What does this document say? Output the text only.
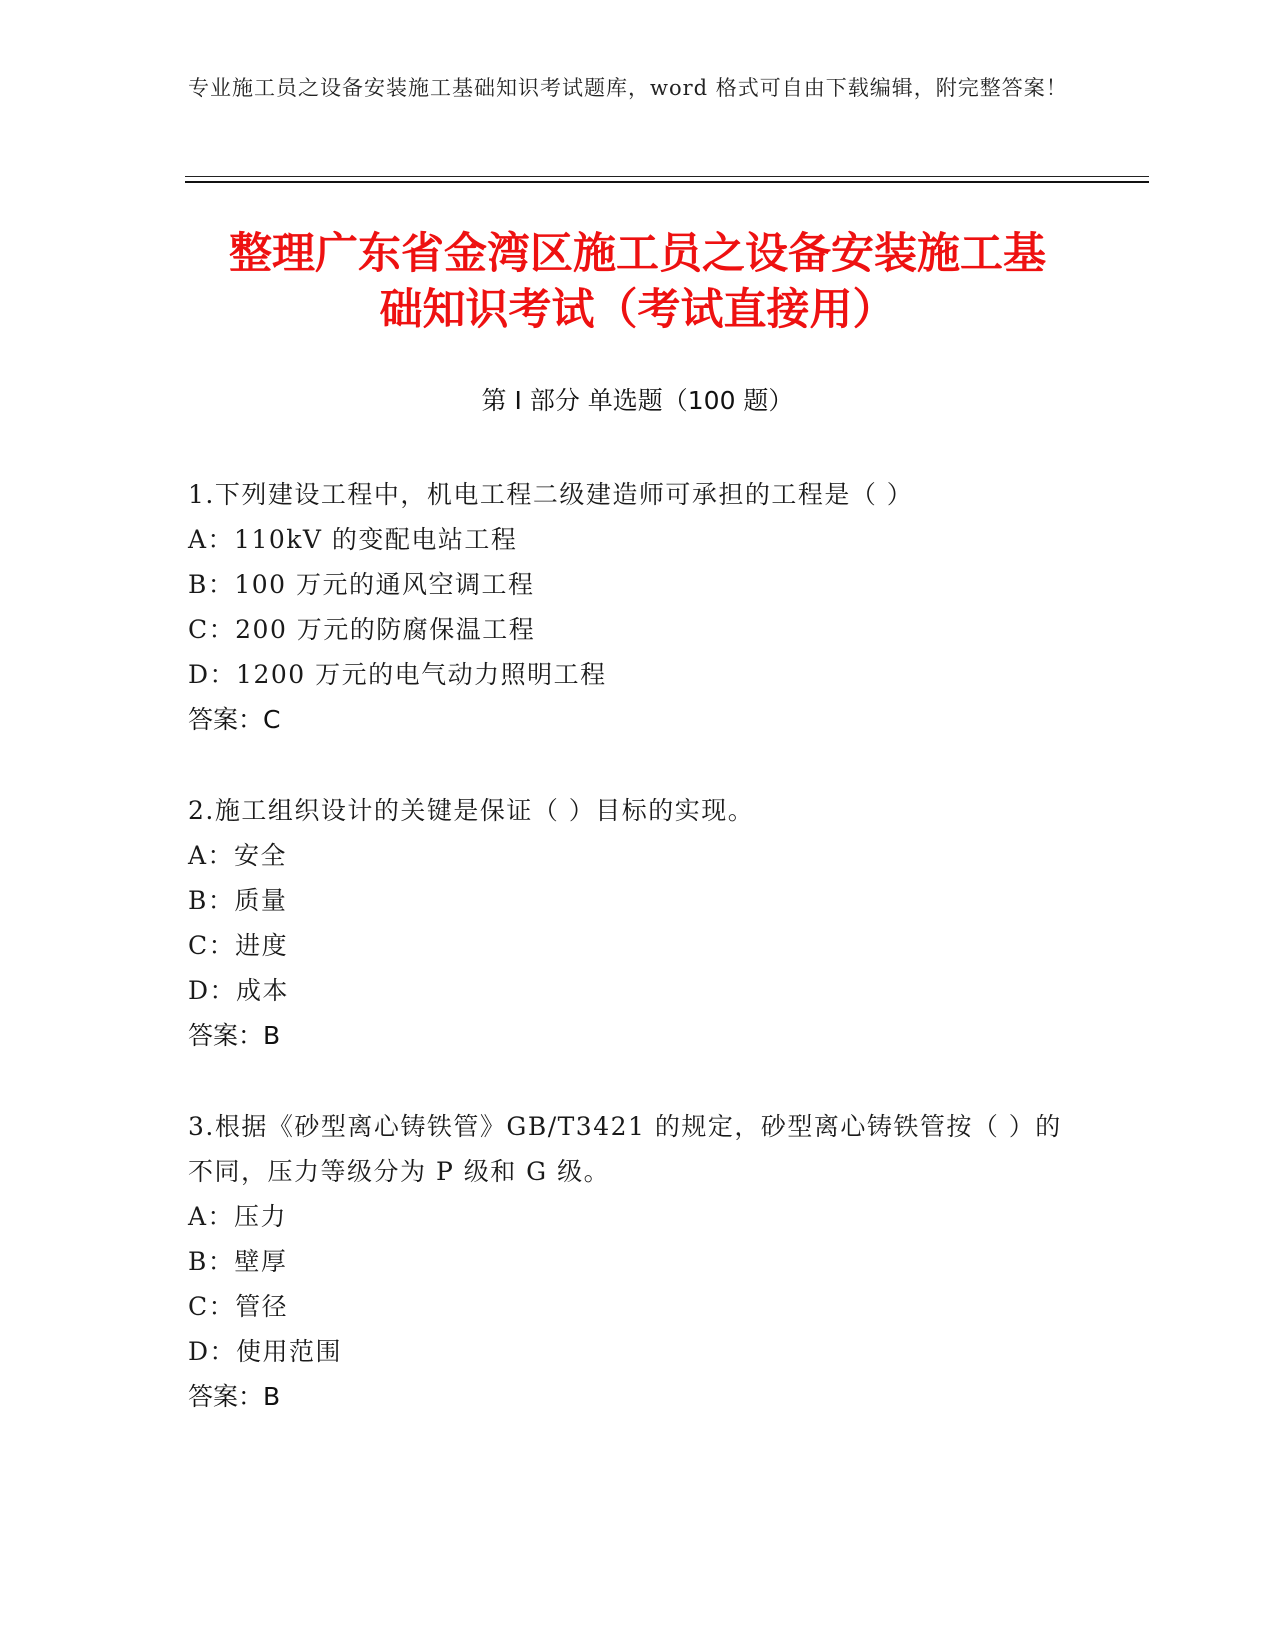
专业施工员之设备安装施工基础知识考试题库，word 格式可自由下载编辑，附完整答案！
整理广东省金湾区施工员之设备安装施工基
础知识考试（考试直接用）
第 I 部分 单选题（100 题）
1.下列建设工程中，机电工程二级建造师可承担的工程是（ ）
A：110kV 的变配电站工程
B：100 万元的通风空调工程
C：200 万元的防腐保温工程
D：1200 万元的电气动力照明工程
答案：C
2.施工组织设计的关键是保证（ ）目标的实现。
A：安全
B：质量
C：进度
D：成本
答案：B
3.根据《砂型离心铸铁管》GB/T3421 的规定，砂型离心铸铁管按（ ）的不同，压力等级分为 P 级和 G 级。
A：压力
B：壁厚
C：管径
D：使用范围
答案：B
